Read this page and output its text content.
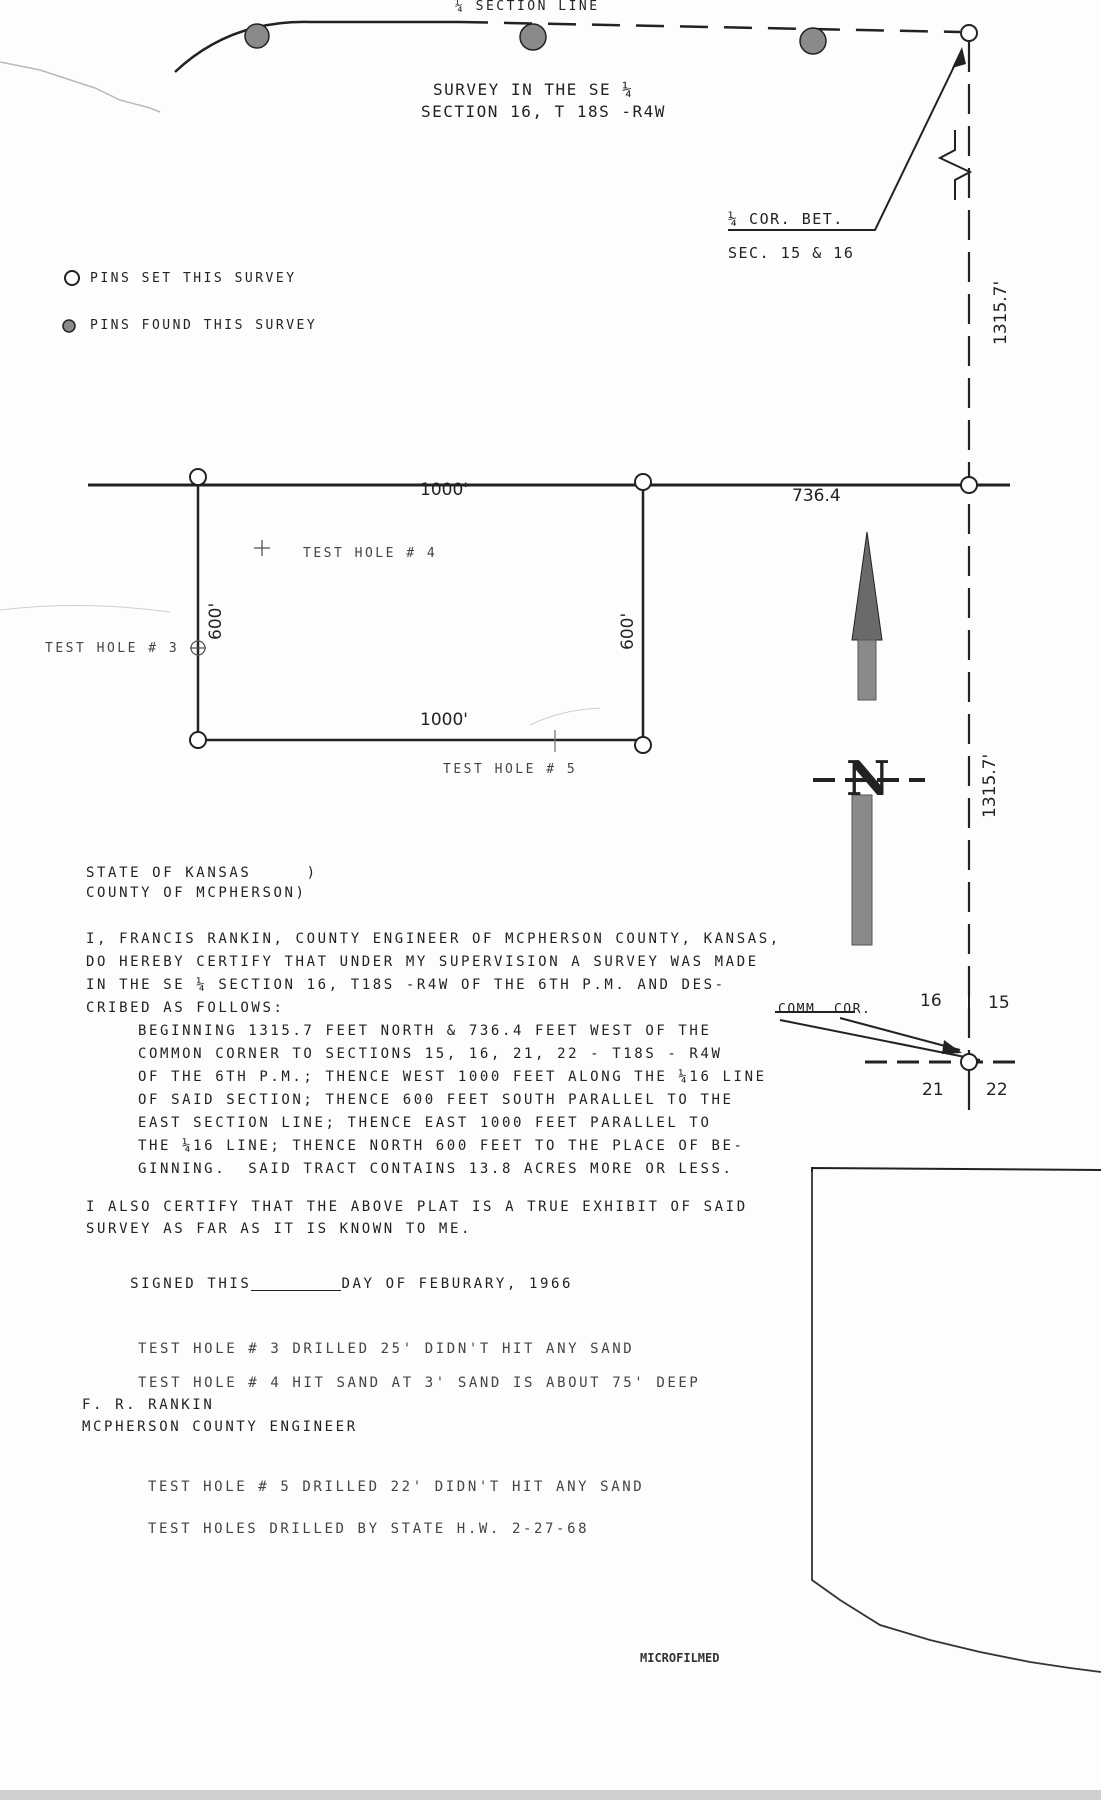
¼ SECTION LINE
SURVEY IN THE SE ¼
SECTION 16, T 18S -R4W
¼ COR. BET.
SEC. 15 & 16
PINS SET THIS SURVEY
PINS FOUND THIS SURVEY
1000'
1000'
600'	600'
736.4
1315.7'
1315.7'
TEST HOLE # 4
TEST HOLE # 3
TEST HOLE # 5	N
COMM. COR.	16	15
21 22
STATE OF KANSAS     )
COUNTY OF MCPHERSON)
I, FRANCIS RANKIN, COUNTY ENGINEER OF MCPHERSON COUNTY, KANSAS,
DO HEREBY CERTIFY THAT UNDER MY SUPERVISION A SURVEY WAS MADE
IN THE SE ¼ SECTION 16, T18S -R4W OF THE 6TH P.M. AND DES-
CRIBED AS FOLLOWS:
BEGINNING 1315.7 FEET NORTH & 736.4 FEET WEST OF THE
COMMON CORNER TO SECTIONS 15, 16, 21, 22 - T18S - R4W
OF THE 6TH P.M.; THENCE WEST 1000 FEET ALONG THE ¼16 LINE
OF SAID SECTION; THENCE 600 FEET SOUTH PARALLEL TO THE
EAST SECTION LINE; THENCE EAST 1000 FEET PARALLEL TO
THE ¼16 LINE; THENCE NORTH 600 FEET TO THE PLACE OF BE-
GINNING.  SAID TRACT CONTAINS 13.8 ACRES MORE OR LESS.
I ALSO CERTIFY THAT THE ABOVE PLAT IS A TRUE EXHIBIT OF SAID
SURVEY AS FAR AS IT IS KNOWN TO ME.

SIGNED THIS	DAY OF FEBURARY, 1966

TEST HOLE # 3 DRILLED 25' DIDN'T HIT ANY SAND
TEST HOLE # 4 HIT SAND AT 3' SAND IS ABOUT 75' DEEP
F. R. RANKIN
MCPHERSON COUNTY ENGINEER
TEST HOLE # 5 DRILLED 22' DIDN'T HIT ANY SAND
TEST HOLES DRILLED BY STATE H.W. 2-27-68
MICROFILMED
